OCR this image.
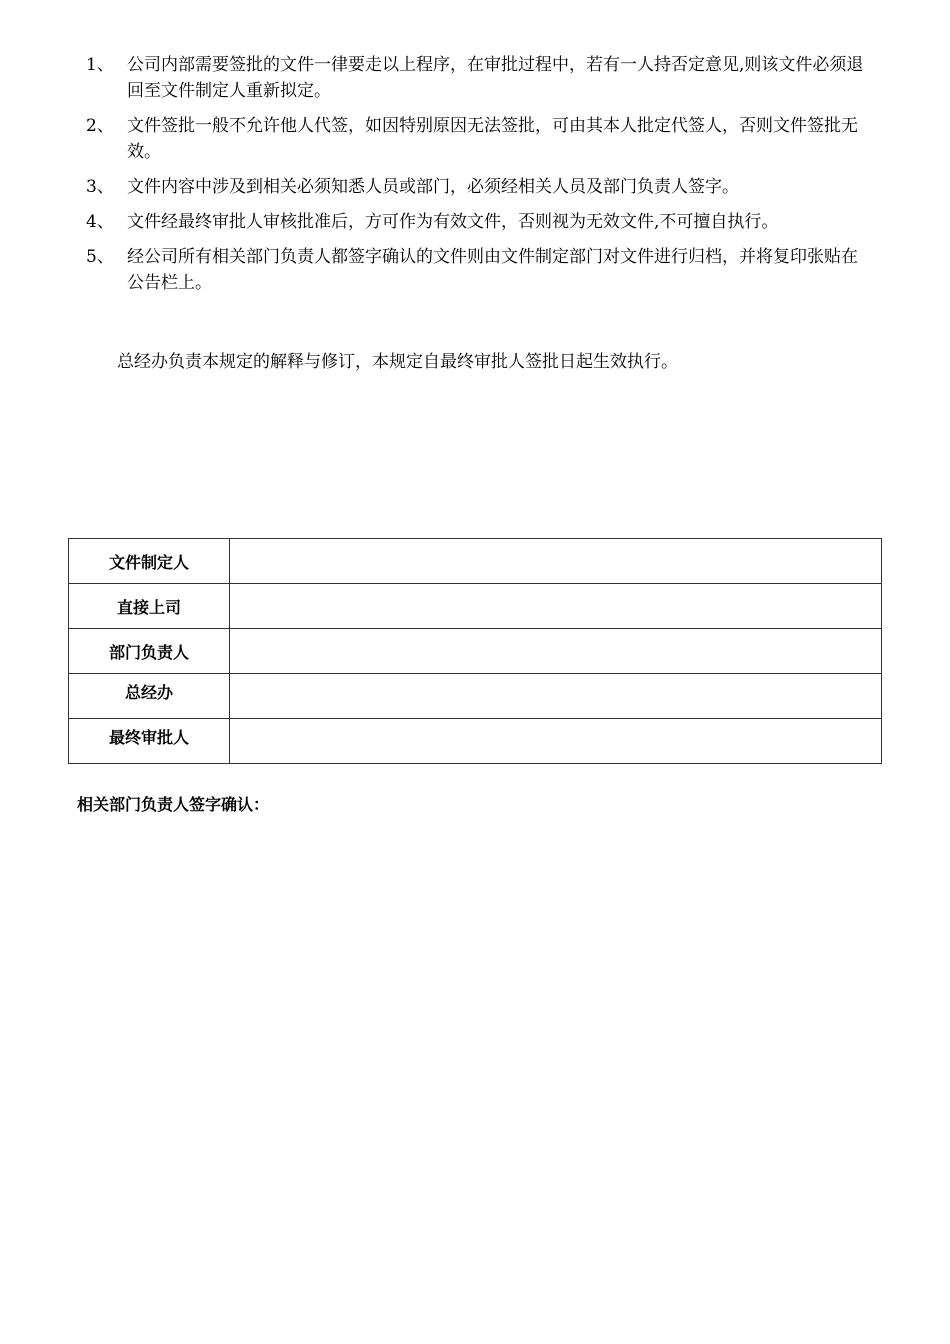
1、 公司内部需要签批的文件一律要走以上程序，在审批过程中，若有一人持否定意见,则该文件必须退回至文件制定人重新拟定。
2、 文件签批一般不允许他人代签，如因特别原因无法签批，可由其本人批定代签人，否则文件签批无效。
3、 文件内容中涉及到相关必须知悉人员或部门，必须经相关人员及部门负责人签字。
4、 文件经最终审批人审核批准后，方可作为有效文件，否则视为无效文件,不可擅自执行。
5、 经公司所有相关部门负责人都签字确认的文件则由文件制定部门对文件进行归档，并将复印张贴在公告栏上。
总经办负责本规定的解释与修订，本规定自最终审批人签批日起生效执行。
文件制定人	
直接上司	
部门负责人	
总经办	
最终审批人	
相关部门负责人签字确认：
